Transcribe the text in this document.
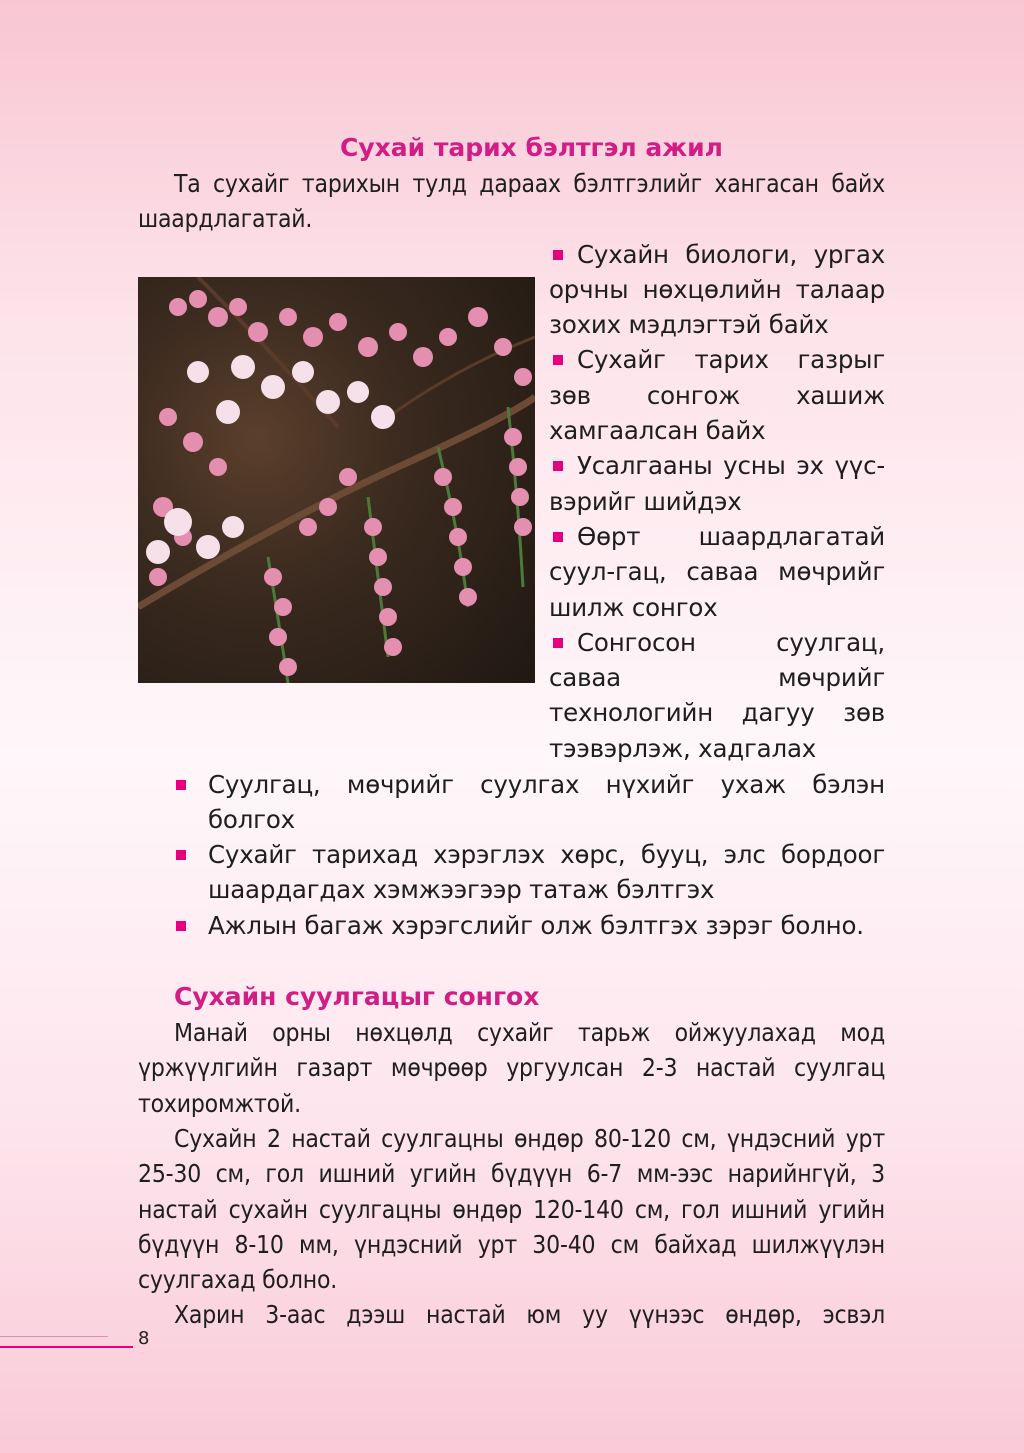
Сухай тарих бэлтгэл ажил

Та сухайг тарихын тулд дараах бэлтгэлийг хангасан байх шаардлагатай.

Сухайн биологи, ургах орчны нөхцөлийн талаар зохих мэдлэгтэй байх
Сухайг тарих газрыг зөв сонгож хашиж хамгаалсан байх
Усалгааны усны эх үүс-вэрийг шийдэх
Өөрт шаардлагатай суул-гац, саваа мөчрийг шилж сонгох
Сонгосон суулгац, саваа мөчрийг технологийн дагуу зөв тээвэрлэж, хадгалах
Суулгац, мөчрийг суулгах нүхийг ухаж бэлэн болгох
Сухайг тарихад хэрэглэх хөрс, бууц, элс бордоог шаардагдах хэмжээгээр татаж бэлтгэх
Ажлын багаж хэрэгслийг олж бэлтгэх зэрэг болно.
Сухайн суулгацыг сонгох

Манай орны нөхцөлд сухайг тарьж ойжуулахад мод үржүүлгийн газарт мөчрөөр ургуулсан 2-3 настай суулгац тохиромжтой.

Сухайн 2 настай суулгацны өндөр 80-120 см, үндэсний урт 25-30 см, гол ишний угийн бүдүүн 6-7 мм-ээс нарийнгүй, 3 настай сухайн суулгацны өндөр 120-140 см, гол ишний угийн бүдүүн 8-10 мм, үндэсний урт 30-40 см байхад шилжүүлэн суулгахад болно.

Харин 3-аас дээш настай юм уу үүнээс өндөр, эсвэл

8
